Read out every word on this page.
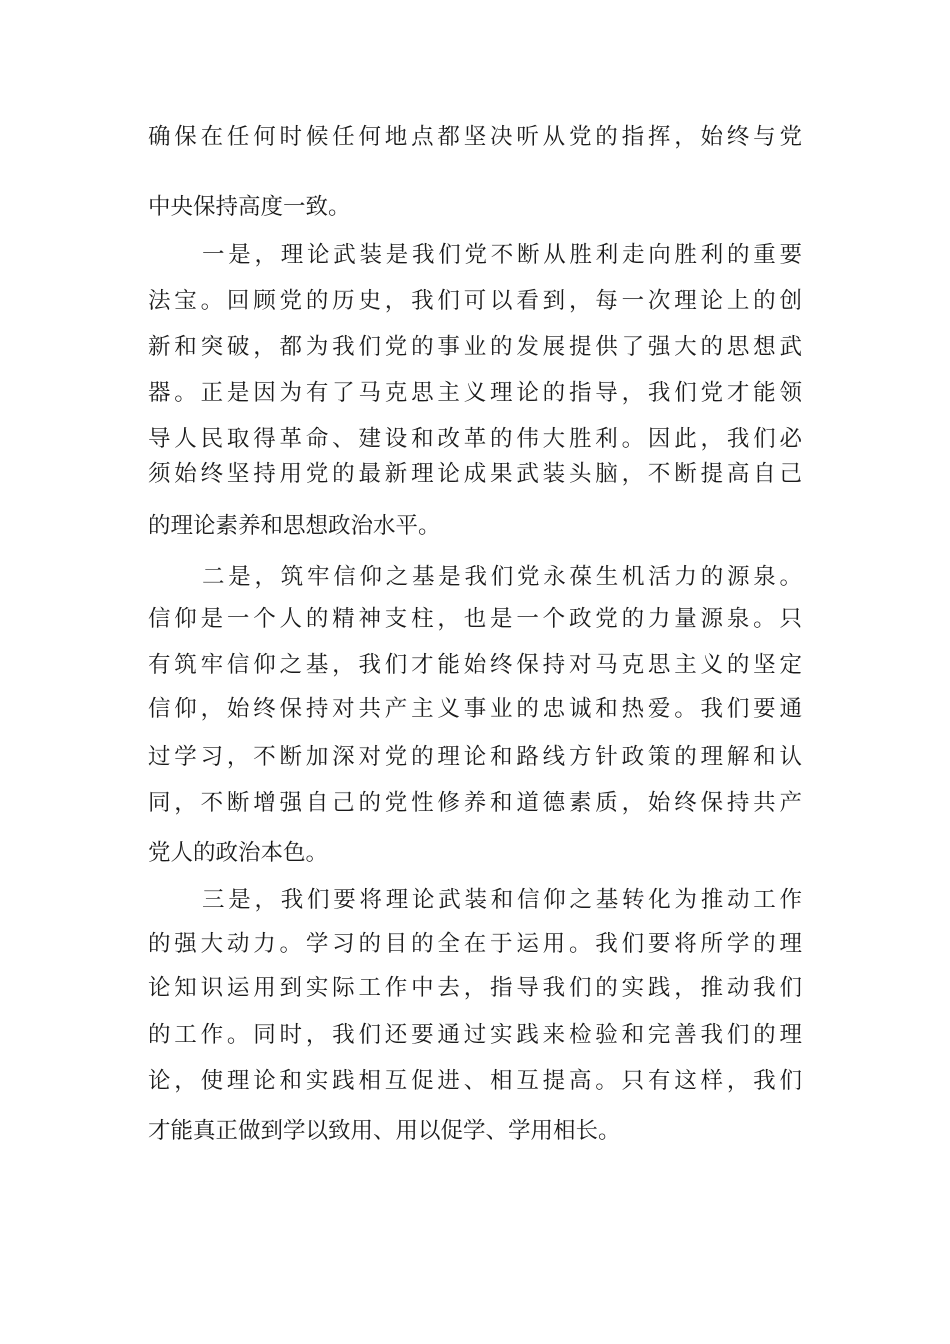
确保在任何时候任何地点都坚决听从党的指挥，始终与党
中央保持高度一致。
一是，理论武装是我们党不断从胜利走向胜利的重要
法宝。回顾党的历史，我们可以看到，每一次理论上的创
新和突破，都为我们党的事业的发展提供了强大的思想武
器。正是因为有了马克思主义理论的指导，我们党才能领
导人民取得革命、建设和改革的伟大胜利。因此，我们必
须始终坚持用党的最新理论成果武装头脑，不断提高自己
的理论素养和思想政治水平。
二是，筑牢信仰之基是我们党永葆生机活力的源泉。
信仰是一个人的精神支柱，也是一个政党的力量源泉。只
有筑牢信仰之基，我们才能始终保持对马克思主义的坚定
信仰，始终保持对共产主义事业的忠诚和热爱。我们要通
过学习，不断加深对党的理论和路线方针政策的理解和认
同，不断增强自己的党性修养和道德素质，始终保持共产
党人的政治本色。
三是，我们要将理论武装和信仰之基转化为推动工作
的强大动力。学习的目的全在于运用。我们要将所学的理
论知识运用到实际工作中去，指导我们的实践，推动我们
的工作。同时，我们还要通过实践来检验和完善我们的理
论，使理论和实践相互促进、相互提高。只有这样，我们
才能真正做到学以致用、用以促学、学用相长。
